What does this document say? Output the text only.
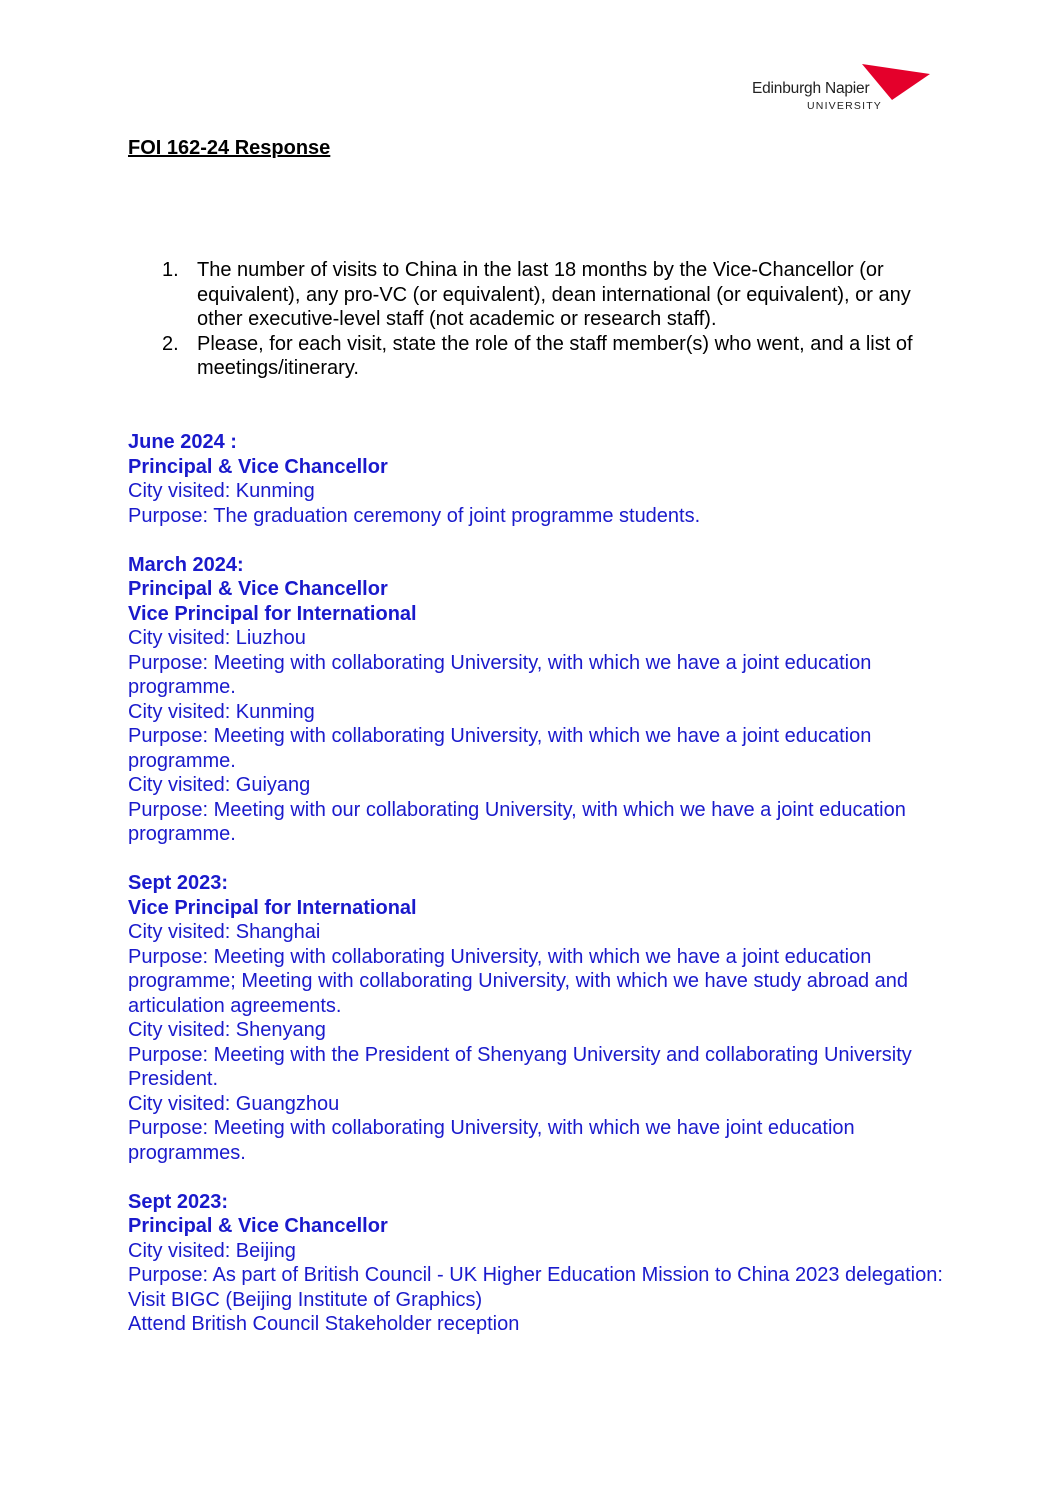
Edinburgh Napier
UNIVERSITY
FOI 162-24 Response
1. The number of visits to China in the last 18 months by the Vice-Chancellor (or equivalent), any pro-VC (or equivalent), dean international (or equivalent), or any other executive-level staff (not academic or research staff).
2. Please, for each visit, state the role of the staff member(s) who went, and a list of meetings/itinerary.

June 2024 :

Principal & Vice Chancellor

City visited: Kunming

Purpose: The graduation ceremony of joint programme students.

March 2024:

Principal & Vice Chancellor

Vice Principal for International

City visited: Liuzhou

Purpose: Meeting with collaborating University, with which we have a joint education programme.

City visited: Kunming

Purpose: Meeting with collaborating University, with which we have a joint education programme.

City visited: Guiyang

Purpose: Meeting with our collaborating University, with which we have a joint education programme.

Sept 2023:

Vice Principal for International

City visited: Shanghai

Purpose: Meeting with collaborating University, with which we have a joint education programme; Meeting with collaborating University, with which we have study abroad and articulation agreements.

City visited: Shenyang

Purpose: Meeting with the President of Shenyang University and collaborating University President.

City visited: Guangzhou

Purpose: Meeting with collaborating University, with which we have joint education programmes.

Sept 2023:

Principal & Vice Chancellor

City visited: Beijing

Purpose: As part of British Council - UK Higher Education Mission to China 2023 delegation:

Visit BIGC (Beijing Institute of Graphics)

Attend British Council Stakeholder reception
